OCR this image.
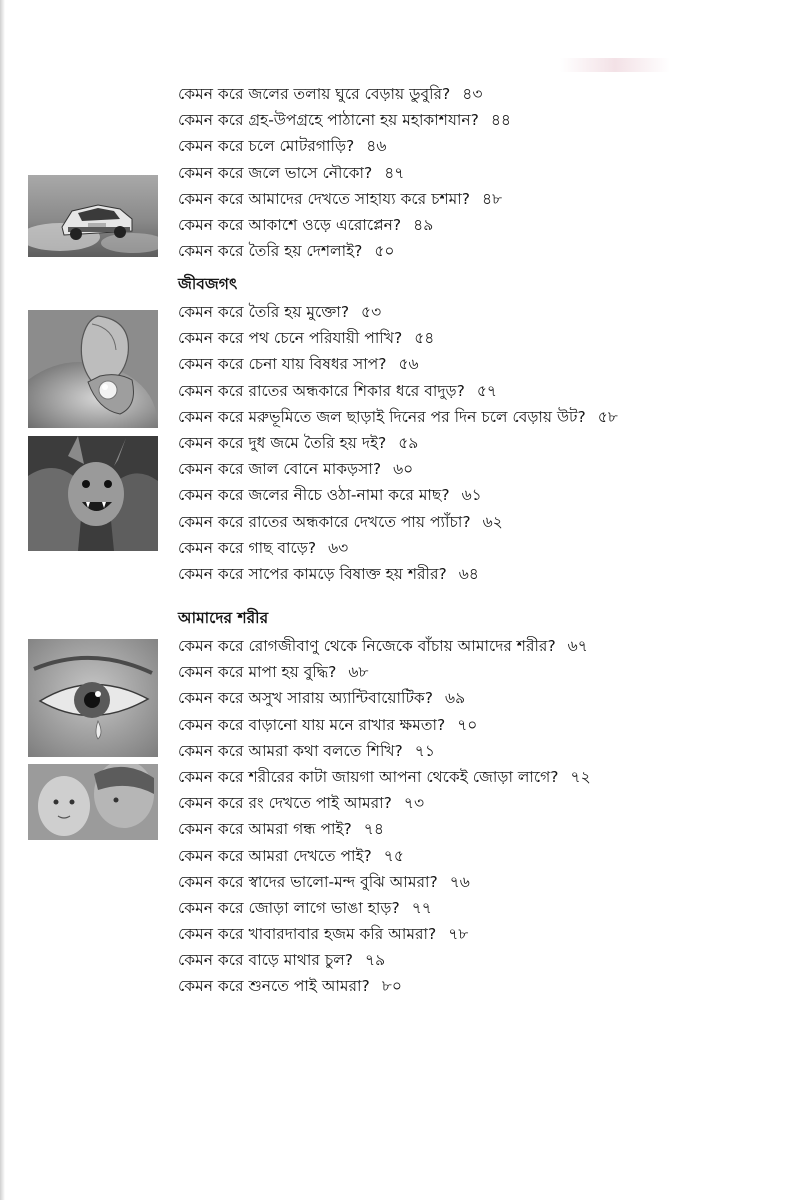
কেমন করে জলের তলায় ঘুরে বেড়ায় ডুবুরি? ৪৩
কেমন করে গ্রহ-উপগ্রহে পাঠানো হয় মহাকাশযান? ৪৪
কেমন করে চলে মোটরগাড়ি? ৪৬
কেমন করে জলে ভাসে নৌকো? ৪৭
কেমন করে আমাদের দেখতে সাহায্য করে চশমা? ৪৮
কেমন করে আকাশে ওড়ে এরোপ্লেন? ৪৯
কেমন করে তৈরি হয় দেশলাই? ৫০
জীবজগৎ
কেমন করে তৈরি হয় মুক্তো? ৫৩
কেমন করে পথ চেনে পরিযায়ী পাখি? ৫৪
কেমন করে চেনা যায় বিষধর সাপ? ৫৬
কেমন করে রাতের অন্ধকারে শিকার ধরে বাদুড়? ৫৭
কেমন করে মরুভূমিতে জল ছাড়াই দিনের পর দিন চলে বেড়ায় উট? ৫৮
কেমন করে দুধ জমে তৈরি হয় দই? ৫৯
কেমন করে জাল বোনে মাকড়সা? ৬০
কেমন করে জলের নীচে ওঠা-নামা করে মাছ? ৬১
কেমন করে রাতের অন্ধকারে দেখতে পায় প্যাঁচা? ৬২
কেমন করে গাছ বাড়ে? ৬৩
কেমন করে সাপের কামড়ে বিষাক্ত হয় শরীর? ৬৪
আমাদের শরীর
কেমন করে রোগজীবাণু থেকে নিজেকে বাঁচায় আমাদের শরীর? ৬৭
কেমন করে মাপা হয় বুদ্ধি? ৬৮
কেমন করে অসুখ সারায় অ্যান্টিবায়োটিক? ৬৯
কেমন করে বাড়ানো যায় মনে রাখার ক্ষমতা? ৭০
কেমন করে আমরা কথা বলতে শিখি? ৭১
কেমন করে শরীরের কাটা জায়গা আপনা থেকেই জোড়া লাগে? ৭২
কেমন করে রং দেখতে পাই আমরা? ৭৩
কেমন করে আমরা গন্ধ পাই? ৭৪
কেমন করে আমরা দেখতে পাই? ৭৫
কেমন করে স্বাদের ভালো-মন্দ বুঝি আমরা? ৭৬
কেমন করে জোড়া লাগে ভাঙা হাড়? ৭৭
কেমন করে খাবারদাবার হজম করি আমরা? ৭৮
কেমন করে বাড়ে মাথার চুল? ৭৯
কেমন করে শুনতে পাই আমরা? ৮০
